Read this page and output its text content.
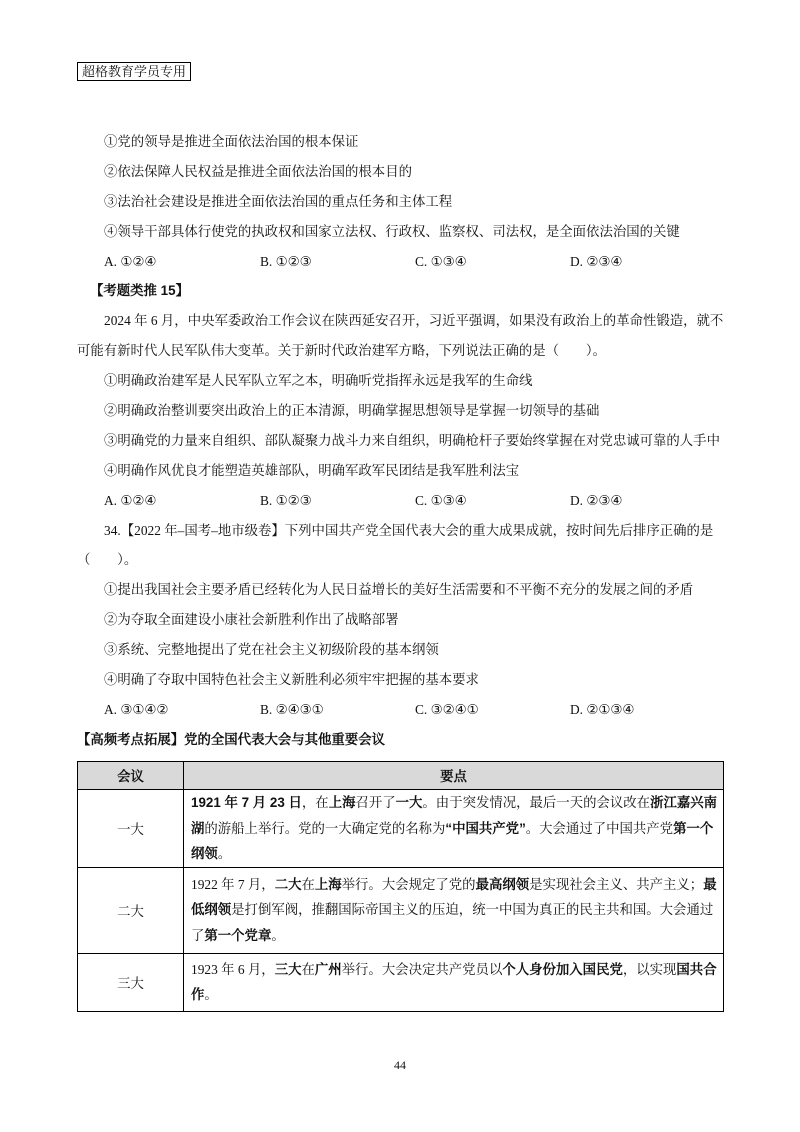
超格教育学员专用
①党的领导是推进全面依法治国的根本保证
②依法保障人民权益是推进全面依法治国的根本目的
③法治社会建设是推进全面依法治国的重点任务和主体工程
④领导干部具体行使党的执政权和国家立法权、行政权、监察权、司法权，是全面依法治国的关键
A. ①②④	B. ①②③	C. ①③④	D. ②③④
【考题类推 15】
2024 年 6 月，中央军委政治工作会议在陕西延安召开，习近平强调，如果没有政治上的革命性锻造，就不
可能有新时代人民军队伟大变革。关于新时代政治建军方略，下列说法正确的是（　　）。
①明确政治建军是人民军队立军之本，明确听党指挥永远是我军的生命线
②明确政治整训要突出政治上的正本清源，明确掌握思想领导是掌握一切领导的基础
③明确党的力量来自组织、部队凝聚力战斗力来自组织，明确枪杆子要始终掌握在对党忠诚可靠的人手中
④明确作风优良才能塑造英雄部队，明确军政军民团结是我军胜利法宝
A. ①②④	B. ①②③	C. ①③④	D. ②③④
34.【2022 年–国考–地市级卷】下列中国共产党全国代表大会的重大成果成就，按时间先后排序正确的是
（　　）。
①提出我国社会主要矛盾已经转化为人民日益增长的美好生活需要和不平衡不充分的发展之间的矛盾
②为夺取全面建设小康社会新胜利作出了战略部署
③系统、完整地提出了党在社会主义初级阶段的基本纲领
④明确了夺取中国特色社会主义新胜利必须牢牢把握的基本要求
A. ③①④②	B. ②④③①	C. ③②④①	D. ②①③④
【高频考点拓展】党的全国代表大会与其他重要会议
会议	要点
一大	1921 年 7 月 23 日，在上海召开了一大。由于突发情况，最后一天的会议改在浙江嘉兴南湖的游船上举行。党的一大确定党的名称为“中国共产党”。大会通过了中国共产党第一个纲领。
二大	1922 年 7 月，二大在上海举行。大会规定了党的最高纲领是实现社会主义、共产主义；最低纲领是打倒军阀，推翻国际帝国主义的压迫，统一中国为真正的民主共和国。大会通过了第一个党章。
三大	1923 年 6 月，三大在广州举行。大会决定共产党员以个人身份加入国民党，以实现国共合作。
44
